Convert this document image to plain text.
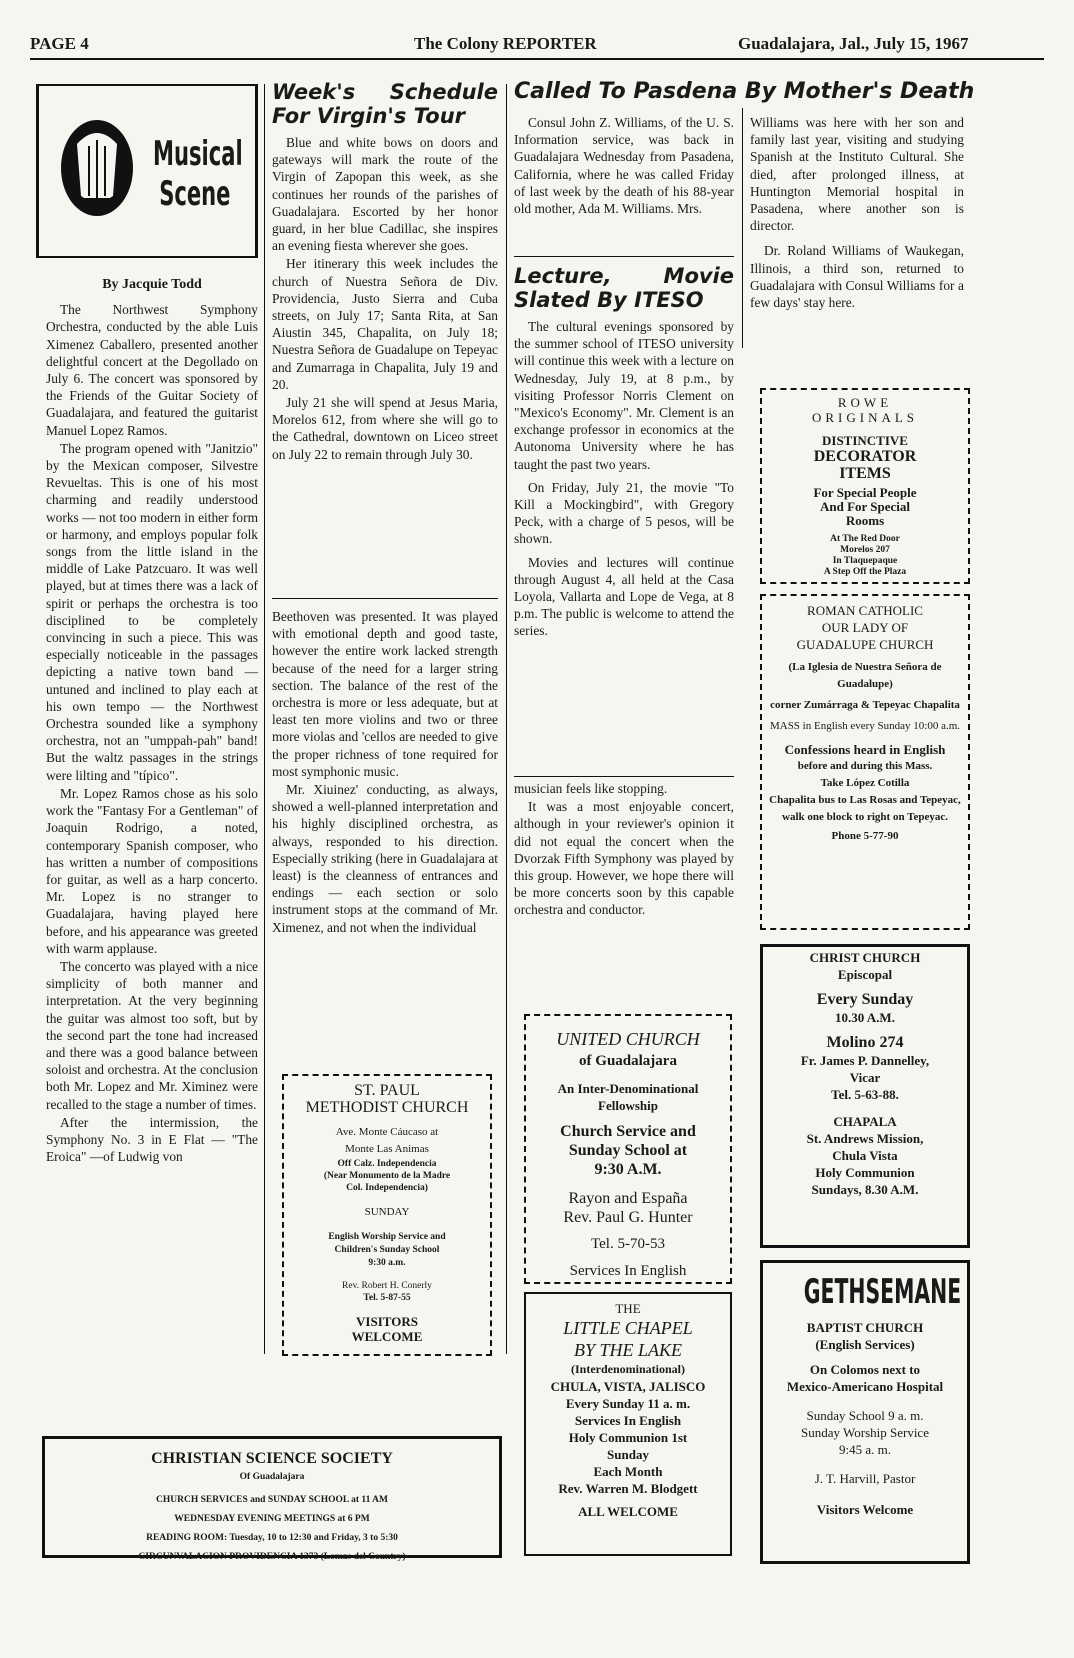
PAGE 4	The Colony REPORTER	Guadalajara, Jal., July 15, 1967
Musical
Scene
By Jacquie Todd

The Northwest Symphony Orchestra, conducted by the able Luis Ximenez Caballero, presented another delightful concert at the Degollado on July 6. The concert was sponsored by the Friends of the Guitar Society of Guadalajara, and featured the guitarist Manuel Lopez Ramos.

The program opened with "Janitzio" by the Mexican composer, Silvestre Revueltas. This is one of his most charming and readily understood works — not too modern in either form or harmony, and employs popular folk songs from the little island in the middle of Lake Patzcuaro. It was well played, but at times there was a lack of spirit or perhaps the orchestra is too disciplined to be completely convincing in such a piece. This was especially noticeable in the passages depicting a native town band —untuned and inclined to play each at his own tempo — the Northwest Orchestra sounded like a symphony orchestra, not an "umppah-pah" band! But the waltz passages in the strings were lilting and "típico".

Mr. Lopez Ramos chose as his solo work the "Fantasy For a Gentleman" of Joaquin Rodrigo, a noted, contemporary Spanish composer, who has written a number of compositions for guitar, as well as a harp concerto. Mr. Lopez is no stranger to Guadalajara, having played here before, and his appearance was greeted with warm applause.

The concerto was played with a nice simplicity of both manner and interpretation. At the very beginning the guitar was almost too soft, but by the second part the tone had increased and there was a good balance between soloist and orchestra. At the conclusion both Mr. Lopez and Mr. Ximinez were recalled to the stage a number of times.

After the intermission, the Symphony No. 3 in E Flat — "The Eroica" —of Ludwig von

Week's Schedule For Virgin's Tour

Blue and white bows on doors and gateways will mark the route of the Virgin of Zapopan this week, as she continues her rounds of the parishes of Guadalajara. Escorted by her honor guard, in her blue Cadillac, she inspires an evening fiesta wherever she goes.

Her itinerary this week includes the church of Nuestra Señora de Div. Providencia, Justo Sierra and Cuba streets, on July 17; Santa Rita, at San Aiustin 345, Chapalita, on July 18; Nuestra Señora de Guadalupe on Tepeyac and Zumarraga in Chapalita, July 19 and 20.

July 21 she will spend at Jesus Maria, Morelos 612, from where she will go to the Cathedral, downtown on Liceo street on July 22 to remain through July 30.

Beethoven was presented. It was played with emotional depth and good taste, however the entire work lacked strength because of the need for a larger string section. The balance of the rest of the orchestra is more or less adequate, but at least ten more violins and two or three more violas and 'cellos are needed to give the proper richness of tone required for most symphonic music.

Mr. Xiuinez' conducting, as always, showed a well-planned interpretation and his highly disciplined orchestra, as always, responded to his direction. Especially striking (here in Guadalajara at least) is the cleanness of entrances and endings — each section or solo instrument stops at the command of Mr. Ximenez, and not when the individual

ST. PAUL
METHODIST CHURCH
Ave. Monte Cáucaso at
Monte Las Animas
Off Calz. Independencia
(Near Monumento de la Madre
Col. Independencia)
SUNDAY
English Worship Service and
Children's Sunday School
9:30 a.m.
Rev. Robert H. Conerly
Tel. 5-87-55
VISITORS
WELCOME
Called To Pasdena By Mother's Death

Consul John Z. Williams, of the U. S. Information service, was back in Guadalajara Wednesday from Pasadena, California, where he was called Friday of last week by the death of his 88-year old mother, Ada M. Williams. Mrs.

Williams was here with her son and family last year, visiting and studying Spanish at the Instituto Cultural. She died, after prolonged illness, at Huntington Memorial hospital in Pasadena, where another son is director.

Dr. Roland Williams of Waukegan, Illinois, a third son, returned to Guadalajara with Consul Williams for a few days' stay here.

Lecture, Movie Slated By ITESO

The cultural evenings sponsored by the summer school of ITESO university will continue this week with a lecture on Wednesday, July 19, at 8 p.m., by visiting Professor Norris Clement on "Mexico's Economy". Mr. Clement is an exchange professor in economics at the Autonoma University where he has taught the past two years.

On Friday, July 21, the movie "To Kill a Mockingbird", with Gregory Peck, with a charge of 5 pesos, will be shown.

Movies and lectures will continue through August 4, all held at the Casa Loyola, Vallarta and Lope de Vega, at 8 p.m. The public is welcome to attend the series.

musician feels like stopping.

It was a most enjoyable concert, although in your reviewer's opinion it did not equal the concert when the Dvorzak Fifth Symphony was played by this group. However, we hope there will be more concerts soon by this capable orchestra and conductor.

UNITED CHURCH
of Guadalajara
An Inter-Denominational
Fellowship
Church Service and
Sunday School at
9:30 A.M.
Rayon and España
Rev. Paul G. Hunter
Tel. 5-70-53
Services In English
THE
LITTLE CHAPEL
BY THE LAKE
(Interdenominational)
CHULA, VISTA, JALISCO
Every Sunday 11 a. m.
Services In English
Holy Communion 1st
Sunday
Each Month
Rev. Warren M. Blodgett
ALL WELCOME
ROWE
ORIGINALS
DISTINCTIVE
DECORATOR
ITEMS
For Special People
And For Special
Rooms
At The Red Door
Morelos 207
In Tlaquepaque
A Step Off the Plaza
ROMAN CATHOLIC
OUR LADY OF
GUADALUPE CHURCH
(La Iglesia de Nuestra Señora de Guadalupe)
corner Zumárraga & Tepeyac Chapalita
MASS in English every Sunday 10:00 a.m.
Confessions heard in English
before and during this Mass.
Take López Cotilla
Chapalita bus to Las Rosas and Tepeyac, walk one block to right on Tepeyac.
Phone 5-77-90
CHRIST CHURCH
Episcopal
Every Sunday
10.30 A.M.
Molino 274
Fr. James P. Dannelley,
Vicar
Tel. 5-63-88.
CHAPALA
St. Andrews Mission,
Chula Vista
Holy Communion
Sundays, 8.30 A.M.
GETHSEMANE
BAPTIST CHURCH
(English Services)
On Colomos next to
Mexico-Americano Hospital
Sunday School 9 a. m.
Sunday Worship Service
9:45 a. m.
J. T. Harvill, Pastor
Visitors Welcome
CHRISTIAN SCIENCE SOCIETY
Of Guadalajara
CHURCH SERVICES and SUNDAY SCHOOL at 11 AM
WEDNESDAY EVENING MEETINGS at 6 PM
READING ROOM: Tuesday, 10 to 12:30 and Friday, 3 to 5:30
CIRCUNVALACION PROVIDENCIA 1373 (Lomas del Country)
